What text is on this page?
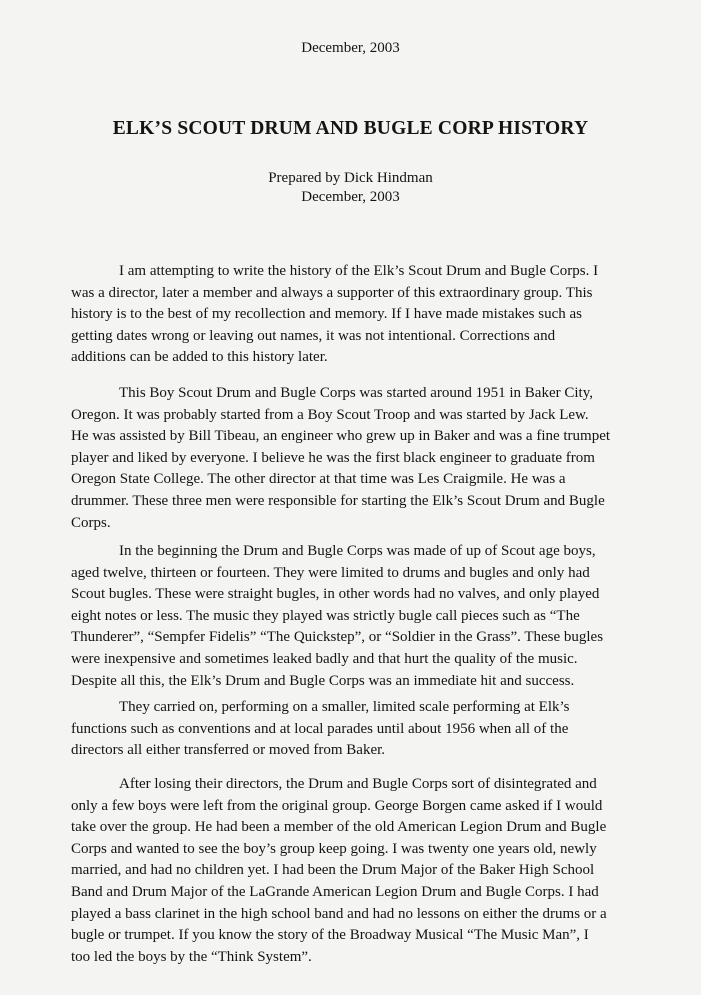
December, 2003
ELK’S SCOUT DRUM AND BUGLE CORP HISTORY
Prepared by Dick Hindman
December, 2003

I am attempting to write the history of the Elk’s Scout Drum and Bugle Corps. I
was a director, later a member and always a supporter of this extraordinary group. This
history is to the best of my recollection and memory. If I have made mistakes such as
getting dates wrong or leaving out names, it was not intentional. Corrections and
additions can be added to this history later.

This Boy Scout Drum and Bugle Corps was started around 1951 in Baker City,
Oregon. It was probably started from a Boy Scout Troop and was started by Jack Lew.
He was assisted by Bill Tibeau, an engineer who grew up in Baker and was a fine trumpet
player and liked by everyone. I believe he was the first black engineer to graduate from
Oregon State College. The other director at that time was Les Craigmile. He was a
drummer. These three men were responsible for starting the Elk’s Scout Drum and Bugle
Corps.

In the beginning the Drum and Bugle Corps was made of up of Scout age boys,
aged twelve, thirteen or fourteen. They were limited to drums and bugles and only had
Scout bugles. These were straight bugles, in other words had no valves, and only played
eight notes or less. The music they played was strictly bugle call pieces such as “The
Thunderer”, “Sempfer Fidelis” “The Quickstep”, or “Soldier in the Grass”. These bugles
were inexpensive and sometimes leaked badly and that hurt the quality of the music.
Despite all this, the Elk’s Drum and Bugle Corps was an immediate hit and success.

They carried on, performing on a smaller, limited scale performing at Elk’s
functions such as conventions and at local parades until about 1956 when all of the
directors all either transferred or moved from Baker.

After losing their directors, the Drum and Bugle Corps sort of disintegrated and
only a few boys were left from the original group. George Borgen came asked if I would
take over the group. He had been a member of the old American Legion Drum and Bugle
Corps and wanted to see the boy’s group keep going. I was twenty one years old, newly
married, and had no children yet. I had been the Drum Major of the Baker High School
Band and Drum Major of the LaGrande American Legion Drum and Bugle Corps. I had
played a bass clarinet in the high school band and had no lessons on either the drums or a
bugle or trumpet. If you know the story of the Broadway Musical “The Music Man”, I
too led the boys by the “Think System”.
